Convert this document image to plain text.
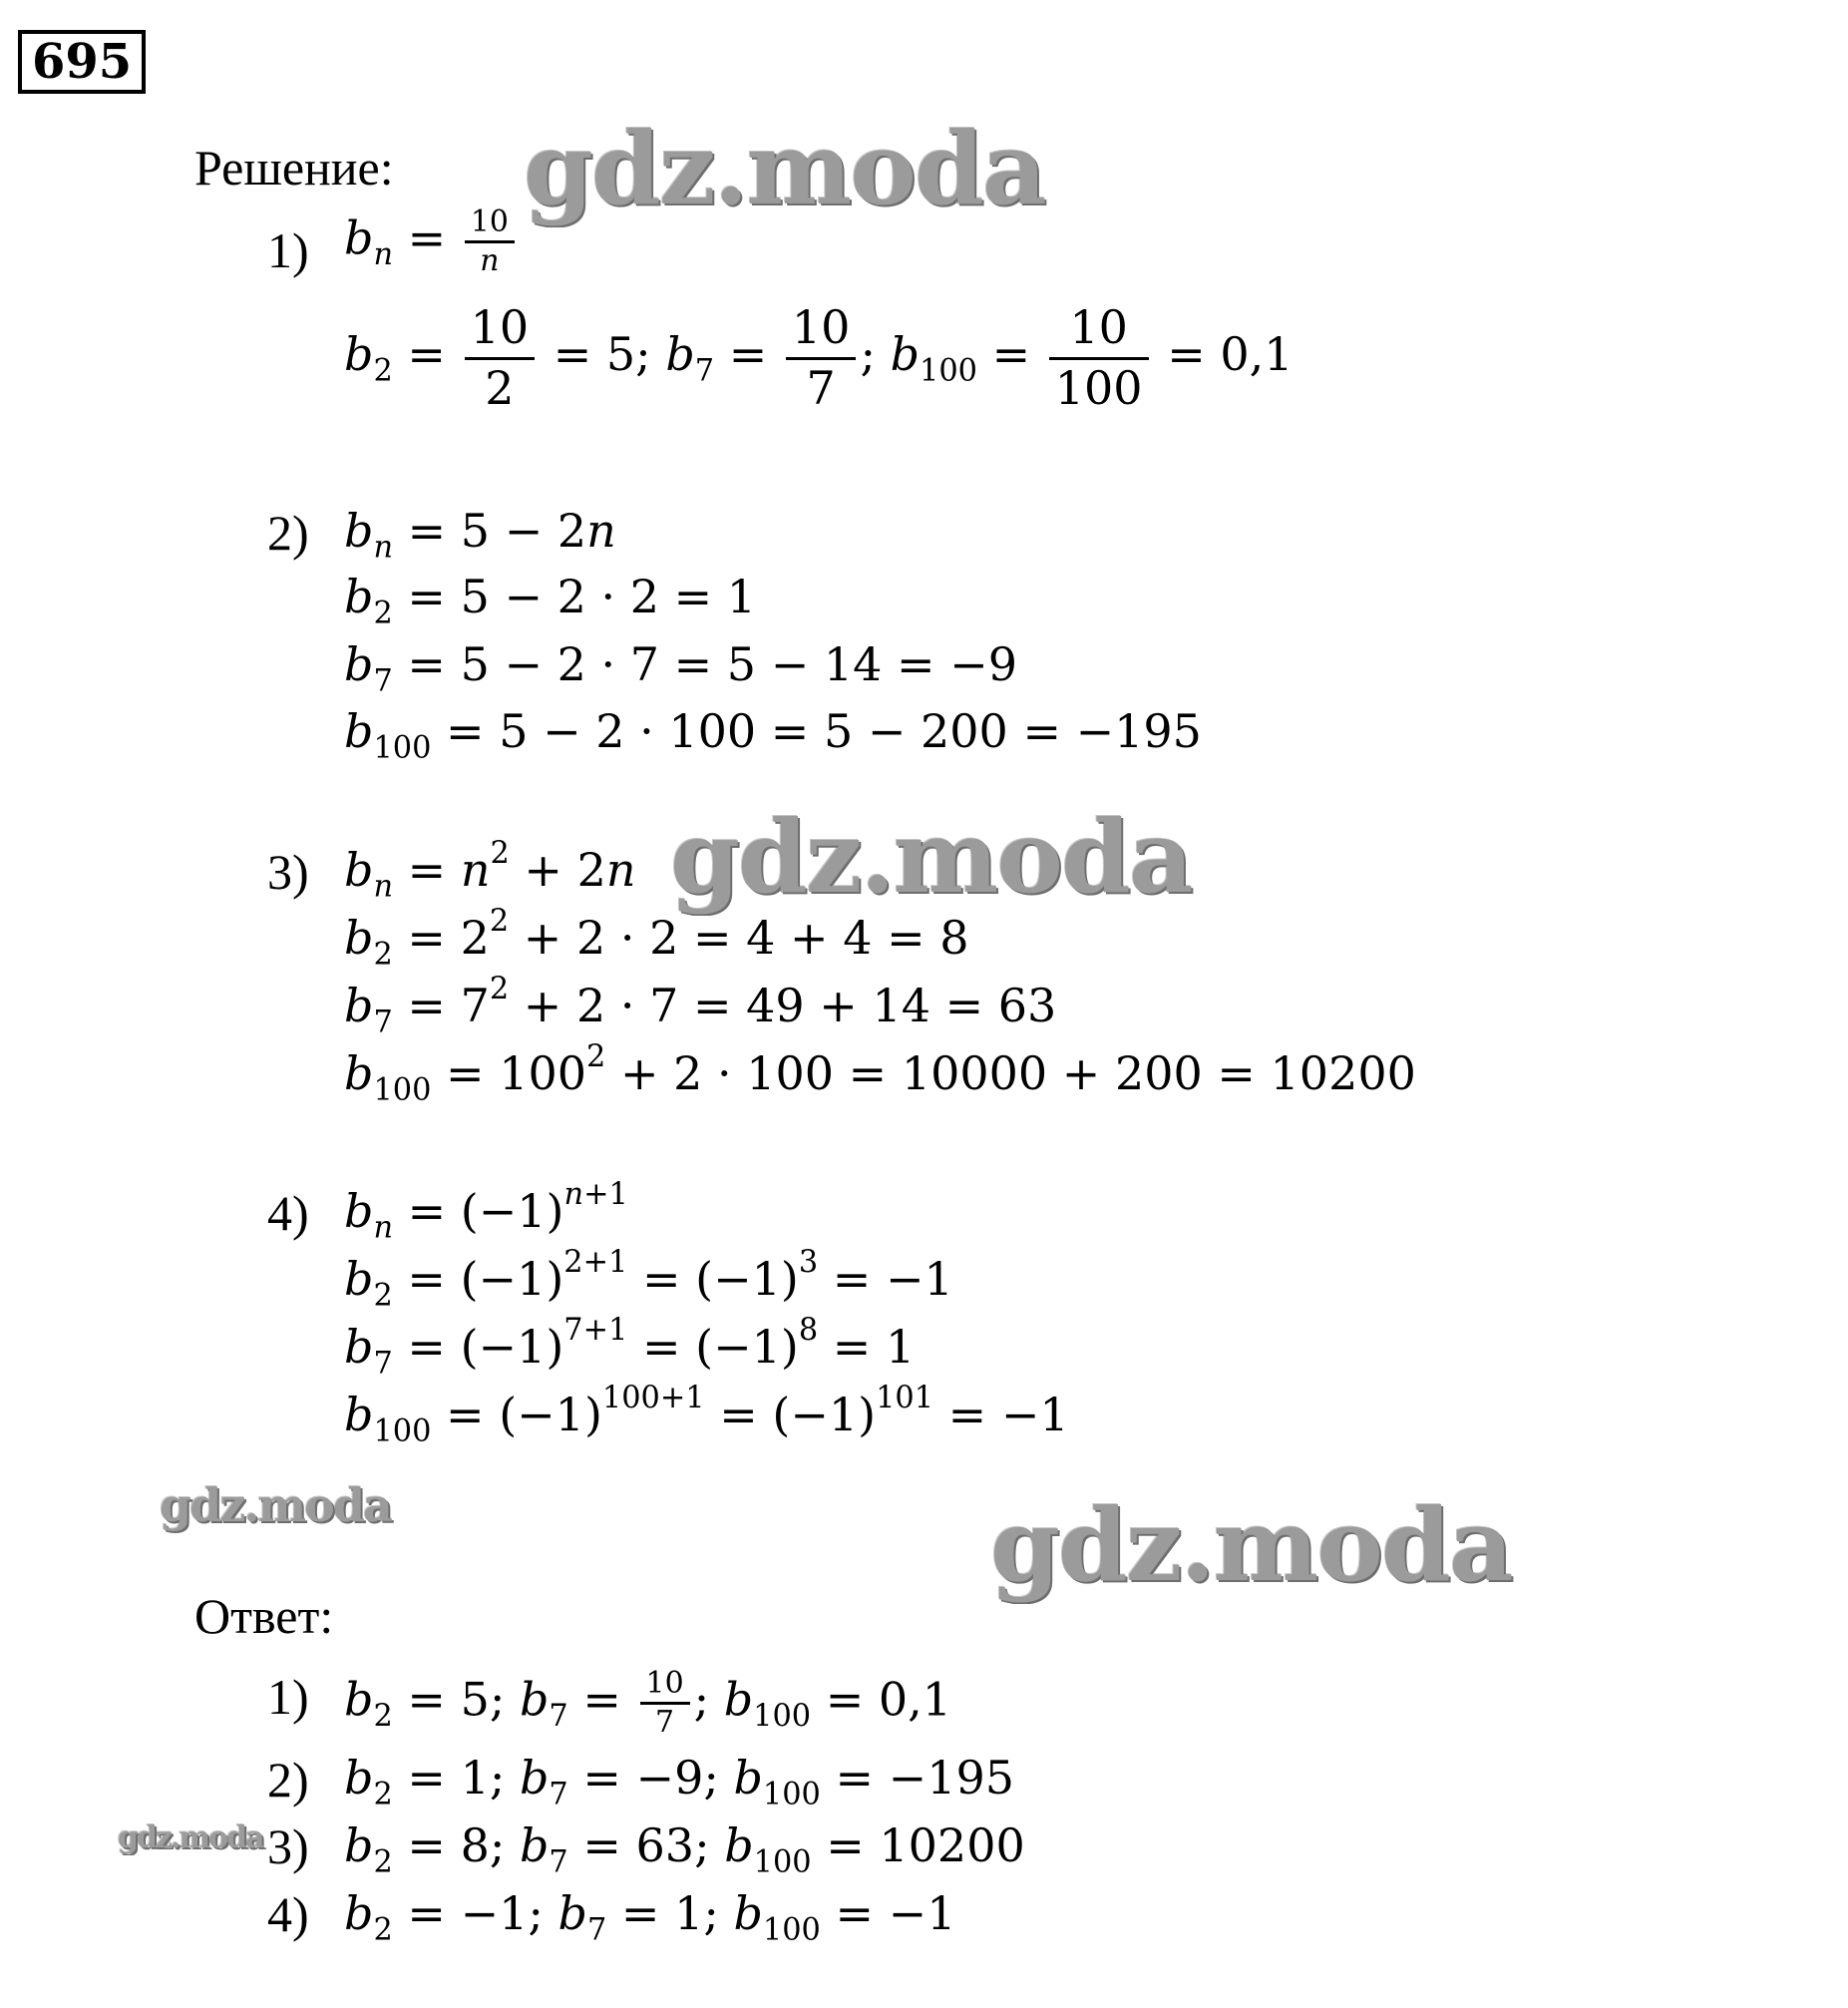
695
Решение:
1) $b_n = \frac{10}{n}$
$b_2 = \frac{10}{2} = 5$; $b_7 = \frac{10}{7}$ ; $b_{100} = \frac{10}{100} = 0,1$
2) $b_n = 5 - 2n$
$b_2 = 5 - 2 \cdot 2 = 1$
$b_7 = 5 - 2 \cdot 7 = 5 - 14 = -9$
$b_{100} = 5 - 2 \cdot 100 = 5 - 200 = -195$
3) $b_n = n^2 + 2n$
$b_2 = 2^2 + 2 \cdot 2 = 4 + 4 = 8$
$b_7 = 7^2 + 2 \cdot 7 = 49 + 14 = 63$
$b_{100} = 100^2 + 2 \cdot 100 = 10000 + 200 = 10200$
4) $b_n = (-1)^{n+1}$
$b_2 = (-1)^{2+1} = (-1)^3 = -1$
$b_7 = (-1)^{7+1} = (-1)^8 = 1$
$b_{100} = (-1)^{100+1} = (-1)^{101} = -1$
Ответ:
1) $b_2 = 5$; $b_7 = \frac{10}{7}$ ; $b_{100} = 0,1$
2) $b_2 = 1$; $b_7 = -9$; $b_{100} = -195$
3) $b_2 = 8$; $b_7 = 63$; $b_{100} = 10200$
4) $b_2 = -1$; $b_7 = 1$; $b_{100} = -1$
gdz.moda
gdz.moda
gdz.moda	gdz.moda
gdz.moda
